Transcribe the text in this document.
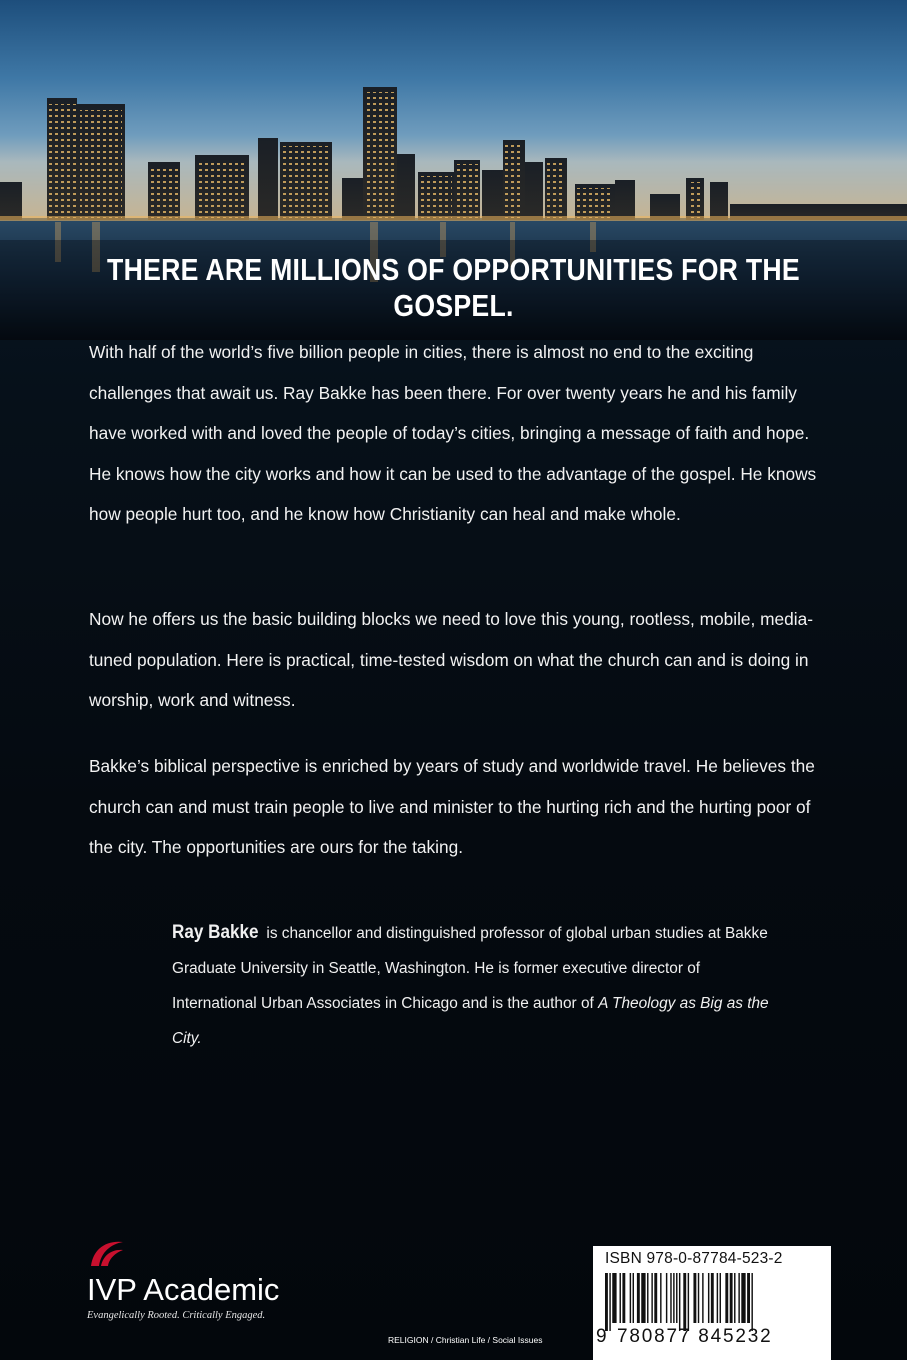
THERE ARE MILLIONS OF OPPORTUNITIES FOR THE GOSPEL.

With half of the world’s five billion people in cities, there is almost no end to the exciting challenges that await us. Ray Bakke has been there. For over twenty years he and his family have worked with and loved the people of today’s cities, bringing a message of faith and hope. He knows how the city works and how it can be used to the advantage of the gospel. He knows how people hurt too, and he know how Christianity can heal and make whole.

Now he offers us the basic building blocks we need to love this young, rootless, mobile, media-tuned population. Here is practical, time-tested wisdom on what the church can and is doing in worship, work and witness.

Bakke’s biblical perspective is enriched by years of study and worldwide travel. He believes the church can and must train people to live and minister to the hurting rich and the hurting poor of the city. The opportunities are ours for the taking.

Ray Bakke is chancellor and distinguished professor of global urban studies at Bakke Graduate University in Seattle, Washington. He is former executive director of International Urban Associates in Chicago and is the author of A Theology as Big as the City.
IVP Academic
Evangelically Rooted. Critically Engaged.
RELIGION / Christian Life / Social Issues
ISBN 978-0-87784-523-2
9 780877 845232
